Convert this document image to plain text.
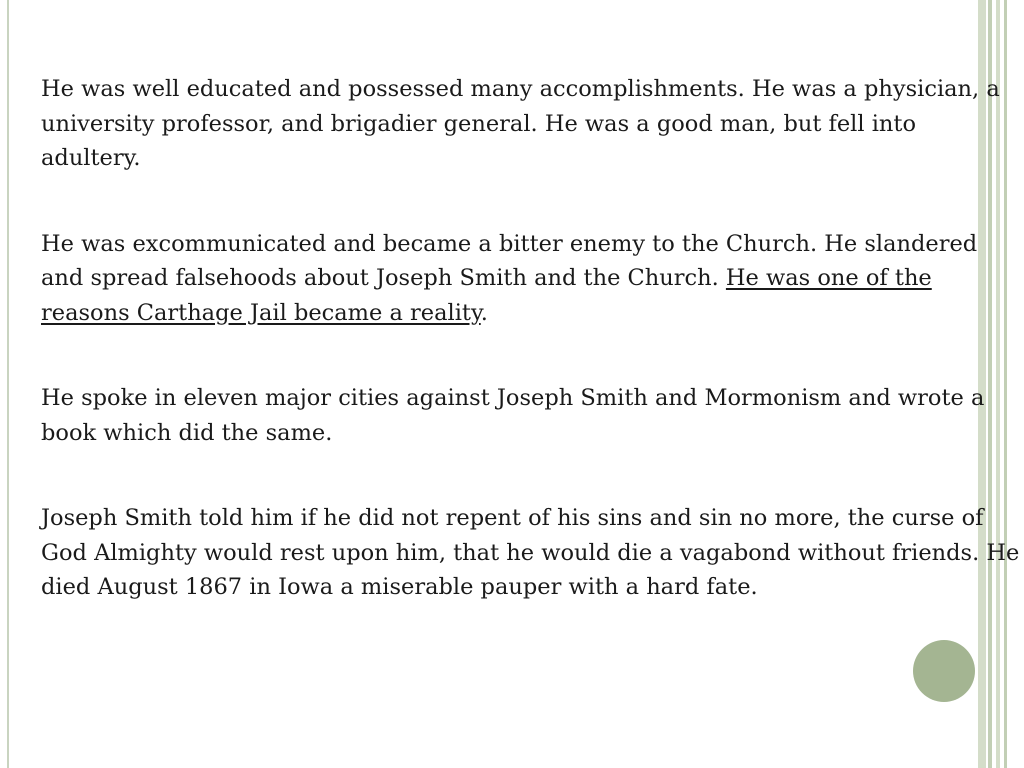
He was well educated and possessed many accomplishments. He was a physician, a university professor, and brigadier general. He was a good man, but fell into adultery.

He was excommunicated and became a bitter enemy to the Church. He slandered and spread falsehoods about Joseph Smith and the Church. He was one of the reasons Carthage Jail became a reality.

He spoke in eleven major cities against Joseph Smith and Mormonism and wrote a book which did the same.

Joseph Smith told him if he did not repent of his sins and sin no more, the curse of God Almighty would rest upon him, that he would die a vagabond without friends. He died August 1867 in Iowa a miserable pauper with a hard fate.
